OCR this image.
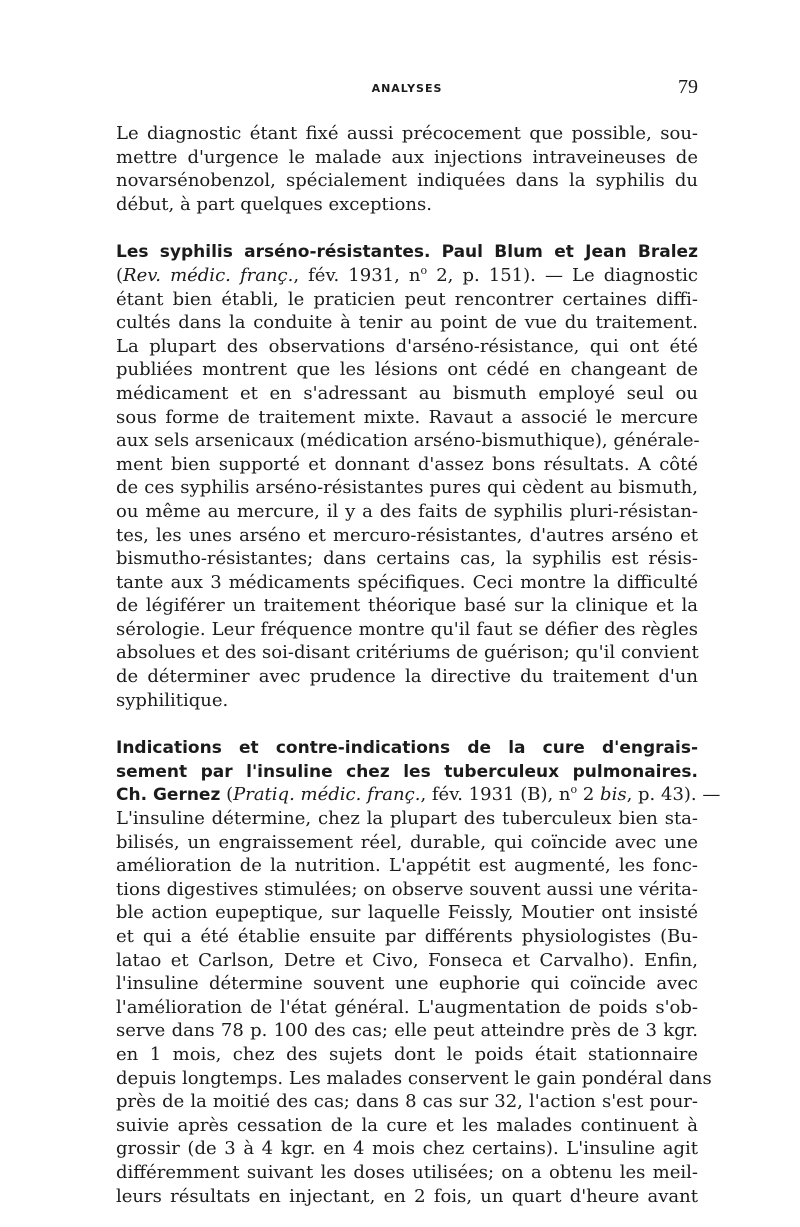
ANALYSES	79
Le diagnostic étant fixé aussi précocement que possible, sou-
mettre d'urgence le malade aux injections intraveineuses de
novarsénobenzol, spécialement indiquées dans la syphilis du
début, à part quelques exceptions.
Les syphilis arséno-résistantes. Paul Blum et Jean Bralez
(Rev. médic. franç., fév. 1931, $n^o$ 2, p. 151). — Le diagnostic
étant bien établi, le praticien peut rencontrer certaines diffi-
cultés dans la conduite à tenir au point de vue du traitement.
La plupart des observations d'arséno-résistance, qui ont été
publiées montrent que les lésions ont cédé en changeant de
médicament et en s'adressant au bismuth employé seul ou
sous forme de traitement mixte. Ravaut a associé le mercure
aux sels arsenicaux (médication arséno-bismuthique), générale-
ment bien supporté et donnant d'assez bons résultats. A côté
de ces syphilis arséno-résistantes pures qui cèdent au bismuth,
ou même au mercure, il y a des faits de syphilis pluri-résistan-
tes, les unes arséno et mercuro-résistantes, d'autres arséno et
bismutho-résistantes; dans certains cas, la syphilis est résis-
tante aux 3 médicaments spécifiques. Ceci montre la difficulté
de légiférer un traitement théorique basé sur la clinique et la
sérologie. Leur fréquence montre qu'il faut se défier des règles
absolues et des soi-disant critériums de guérison; qu'il convient
de déterminer avec prudence la directive du traitement d'un
syphilitique.
Indications et contre-indications de la cure d'engrais-
sement par l'insuline chez les tuberculeux pulmonaires.
Ch. Gernez (Pratiq. médic. franç., fév. 1931 (B), $n^o$ 2 bis, p. 43). —
L'insuline détermine, chez la plupart des tuberculeux bien sta-
bilisés, un engraissement réel, durable, qui coïncide avec une
amélioration de la nutrition. L'appétit est augmenté, les fonc-
tions digestives stimulées; on observe souvent aussi une vérita-
ble action eupeptique, sur laquelle Feissly, Moutier ont insisté
et qui a été établie ensuite par différents physiologistes (Bu-
latao et Carlson, Detre et Civo, Fonseca et Carvalho). Enfin,
l'insuline détermine souvent une euphorie qui coïncide avec
l'amélioration de l'état général. L'augmentation de poids s'ob-
serve dans 78 p. 100 des cas; elle peut atteindre près de 3 kgr.
en 1 mois, chez des sujets dont le poids était stationnaire
depuis longtemps. Les malades conservent le gain pondéral dans
près de la moitié des cas; dans 8 cas sur 32, l'action s'est pour-
suivie après cessation de la cure et les malades continuent à
grossir (de 3 à 4 kgr. en 4 mois chez certains). L'insuline agit
différemment suivant les doses utilisées; on a obtenu les meil-
leurs résultats en injectant, en 2 fois, un quart d'heure avant
